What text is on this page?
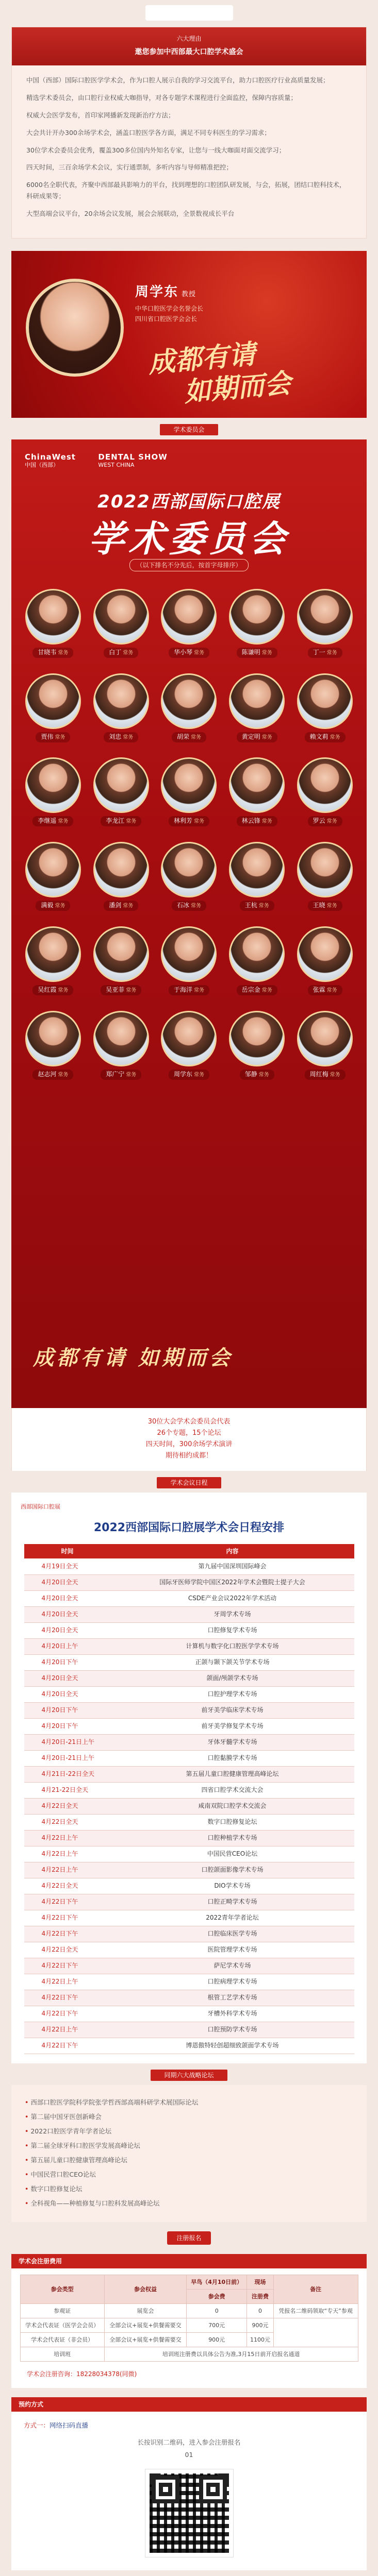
六大理由
邀您参加中西部最大口腔学术盛会

中国（西部）国际口腔医学学术会，作为口腔人展示自我的学习交流平台，助力口腔医疗行业高质量发展；

精选学术委员会，由口腔行业权威大咖指导，对各专题学术课程进行全面监控，保障内容质量；

权威大会医学发布，首印家网播新发现新治疗方法；

大会共计开办300余场学术会，涵盖口腔医学各方面，满足不同专科医生的学习需求；

30位学术会委员会优秀，覆盖300多位国内外知名专家，让您与一线大咖面对面交流学习；

四天时间，三百余场学术会议，实行通票制，多听内容与导师精准把控；

6000名全职代表，齐聚中西部最具影响力的平台，找到理想的口腔团队研发展，与会，拓展，团结口腔科技术，科研成果等；

大型高端会议平台，20余场会议发展，展会会展联动，全景数视成长平台

周学东 教授
中华口腔医学会名誉会长
四川省口腔医学会会长
成都有请
如期而会
学术委员会
ChinaWest
中国（西部）
DENTAL SHOW
WEST CHINA
2022西部国际口腔展
学术委员会
（以下排名不分先后，按首字母排序）
甘晓韦 常务	白丁 常务	华小琴 常务	陈谦明 常务	丁一 常务
贾伟 常务	刘忠 常务	胡荣 常务	黄定明 常务	赖文莉 常务
李继遥 常务	李龙江 常务	林利芳 常务	林云锋 常务	罗云 常务
满毅 常务	潘剑 常务	石冰 常务	王杭 常务	王晓 常务
吴红霞 常务	吴亚菲 常务	于海洋 常务	岳宗金 常务	张霖 常务
赵志河 常务	郑广宁 常务	周学东 常务	邹静 常务	周红梅 常务
成都有请 如期而会
30位大会学术会委员会代表
26个专题，15个论坛
四天时间，300余场学术演讲
期待相约成都！
学术会议日程
西部国际口腔展
2022西部国际口腔展学术会日程安排
时间	内容
4月19日全天	第九届中国深圳国际峰会
4月20日全天	国际牙医师学院中国区2022年学术会暨院士提子大会
4月20日全天	CSDE产业会议2022年学术活动
4月20日全天	牙周学术专场
4月20日全天	口腔修复学术专场
4月20日上午	计算机与数字化口腔医学学术专场
4月20日下午	正颌与颞下颌关节学术专场
4月20日全天	颌面/颅颌学术专场
4月20日全天	口腔护理学术专场
4月20日下午	前牙美学临床学术专场
4月20日下午	前牙美学修复学术专场
4月20日-21日上午	牙体牙髓学术专场
4月20日-21日上午	口腔黏膜学术专场
4月21日-22日全天	第五届儿童口腔健康管理高峰论坛
4月21-22日全天	四省口腔学术交流大会
4月22日全天	咸南双院口腔学术交流会
4月22日全天	数字口腔修复论坛
4月22日上午	口腔种植学术专场
4月22日上午	中国民营CEO论坛
4月22日上午	口腔颌面影像学术专场
4月22日全天	DIO学术专场
4月22日下午	口腔正畸学术专场
4月22日下午	2022青年学者论坛
4月22日下午	口腔临床医学专场
4月22日全天	医院管理学术专场
4月22日下午	萨尼学术专场
4月22日上午	口腔病理学术专场
4月22日下午	根管工艺学术专场
4月22日下午	牙槽外科学术专场
4月22日上午	口腔预防学术专场
4月22日下午	博恩傲特轻创超细致颌面学术专场
同期六大战略论坛
• 西部口腔医学院科学院张学哲西部高端科研学术展国际论坛
• 第二届中国牙医创新峰会
• 2022口腔医学青年学者论坛
• 第二届全球牙科口腔医学发展高峰论坛
• 第五届儿童口腔健康管理高峰论坛
• 中国民营口腔CEO论坛
• 数字口腔修复论坛
• 全科视角——种植修复与口腔科发展高峰论坛
注册报名
学术会注册费用
参会类型	参会权益	早鸟（4月10日前）	现场	备注
		参会费	注册费	
参观证	展览会	0	0	凭报名二维码领取“专天”参观
学术会代表证（医学会会员）	全部会议+展览+供餐需要交	700元	900元	
学术会代表证（非会员）	全部会议+展览+供餐需要交	900元	1100元	
培训班	培训班注册费以具体公告为准,3月15日前开启报名通道			
学术会注册咨询：18228034378(同微)
预约方式
方式一：网络扫码直播
长按识别二维码，进入参会注册报名
01
